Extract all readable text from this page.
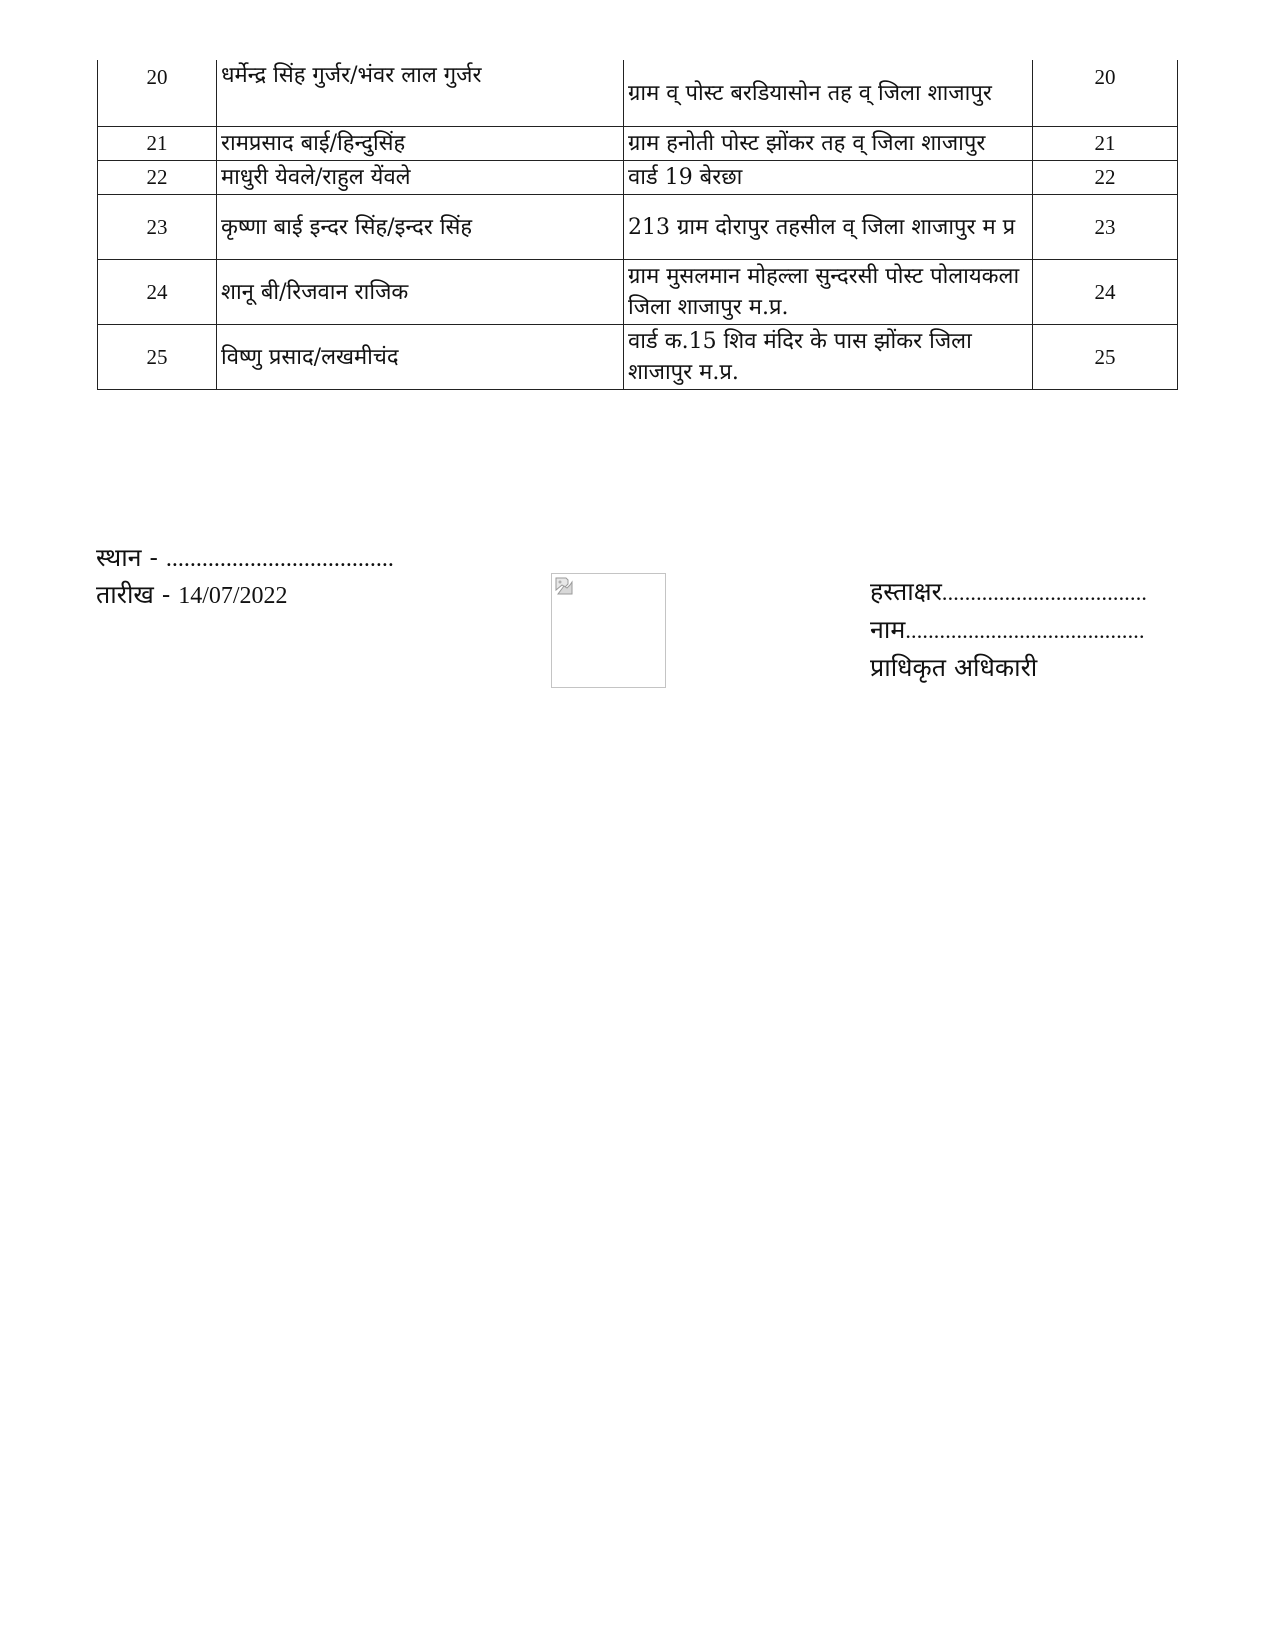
20	धर्मेन्द्र सिंह गुर्जर/भंवर लाल गुर्जर	ग्राम व् पोस्ट बरडियासोन तह व् जिला शाजापुर	20
21	रामप्रसाद बाई/हिन्दुसिंह	ग्राम हनोती पोस्ट झोंकर तह व् जिला शाजापुर	21
22	माधुरी येवले/राहुल येंवले	वार्ड 19 बेरछा	22
23	कृष्णा बाई इन्दर सिंह/इन्दर सिंह	213 ग्राम दोरापुर तहसील व् जिला शाजापुर म प्र	23
24	शानू बी/रिजवान राजिक	ग्राम मुसलमान मोहल्ला सुन्दरसी पोस्ट पोलायकला जिला शाजापुर म.प्र.	24
25	विष्णु प्रसाद/लखमीचंद	वार्ड क.15 शिव मंदिर के पास झोंकर जिला शाजापुर म.प्र.	25
स्थान - ......................................
तारीख - 14/07/2022	हस्ताक्षर....................................
नाम..........................................
प्राधिकृत अधिकारी
